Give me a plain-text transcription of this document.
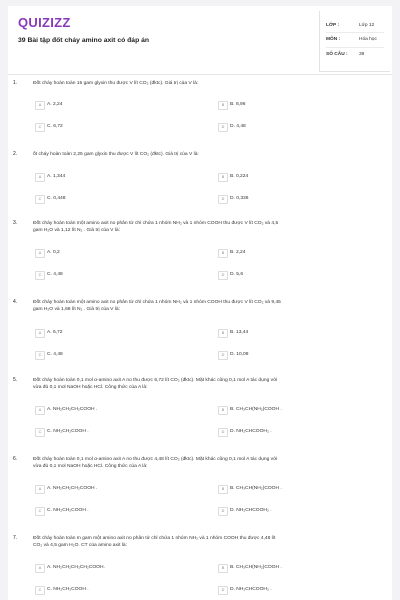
QUIZIZZ
39 Bài tập đốt cháy amino axit có đáp án
LỚP :	Lớp 12
MÔN :	Hóa học
SỐ CÂU : 39
1.	Đốt cháy hoàn toàn 15 gam glyxin thu được V lít CO₂ (đktc). Giá trị của V là:
A	A. 2,24	B	B. 8,96
C	C. 6,72	D	D. 4,48
2.	ốt cháy hoàn toàn 2,25 gam glyxin thu được V lít CO₂ (đktc). Giá trị của V là:
A	A. 1,344	B	B. 0,224
C	C. 0,448	D	D. 0,336
3.	Đốt cháy hoàn toàn một amino axit no phân tử chỉ chứa 1 nhóm NH₂ và 1 nhóm COOH thu được V lít CO₂ và 4,5
gam H₂O và 1,12 lít N₂ . Giá trị của V là:
A	A. 0,2	B	B. 2,24
C	C. 4,48	D	D. 5,6
4.	Đốt cháy hoàn toàn một amino axit no phân tử chỉ chứa 1 nhóm NH₂ và 1 nhóm COOH thu được V lít CO₂ và 9,45
gam H₂O và 1,68 lít N₂ . Giá trị của V là:
A	A. 6,72	B	B. 13,44
C	C. 4,48	D	D. 10,08
5.	Đốt cháy hoàn toàn 0,1 mol α-amino axit A no thu được 6,72 lít CO₂ (đktc). Mặt khác cũng 0,1 mol A tác dụng với
vừa đủ 0,1 mol NaOH hoặc HCl. Công thức của A là:
A	A. NH₂CH₂CH₂COOH .	B	B. CH₃CH(NH₂)COOH .
C	C. NH₂CH₂COOH .	D	D. NH₂CHCOOH₂ .
6.	Đốt cháy hoàn toàn 0,1 mol α-amino axit A no thu được 4,48 lít CO₂ (đktc). Mặt khác cũng 0,1 mol A tác dụng với
vừa đủ 0,1 mol NaOH hoặc HCl. Công thức của A là:
A	A. NH₂CH₂CH₂COOH .	B	B. CH₃CH(NH₂)COOH .
C	C. NH₂CH₂COOH .	D	D. NH₂CHCOOH₂ .
7.	Đốt cháy hoàn toàn m gam một amino axit no phân tử chỉ chứa 1 nhóm NH₂ và 1 nhóm COOH thu được 4,48 lít
CO₂ và 4,5 gam H₂O. CT của amino axit là:
A	A. NH₂CH₂CH₂CH₂COOH.	B	B. CH₃CH(NH₂)COOH .
C	C. NH₂CH₂COOH .	D	D. NH₂CHCOOH₂ .
